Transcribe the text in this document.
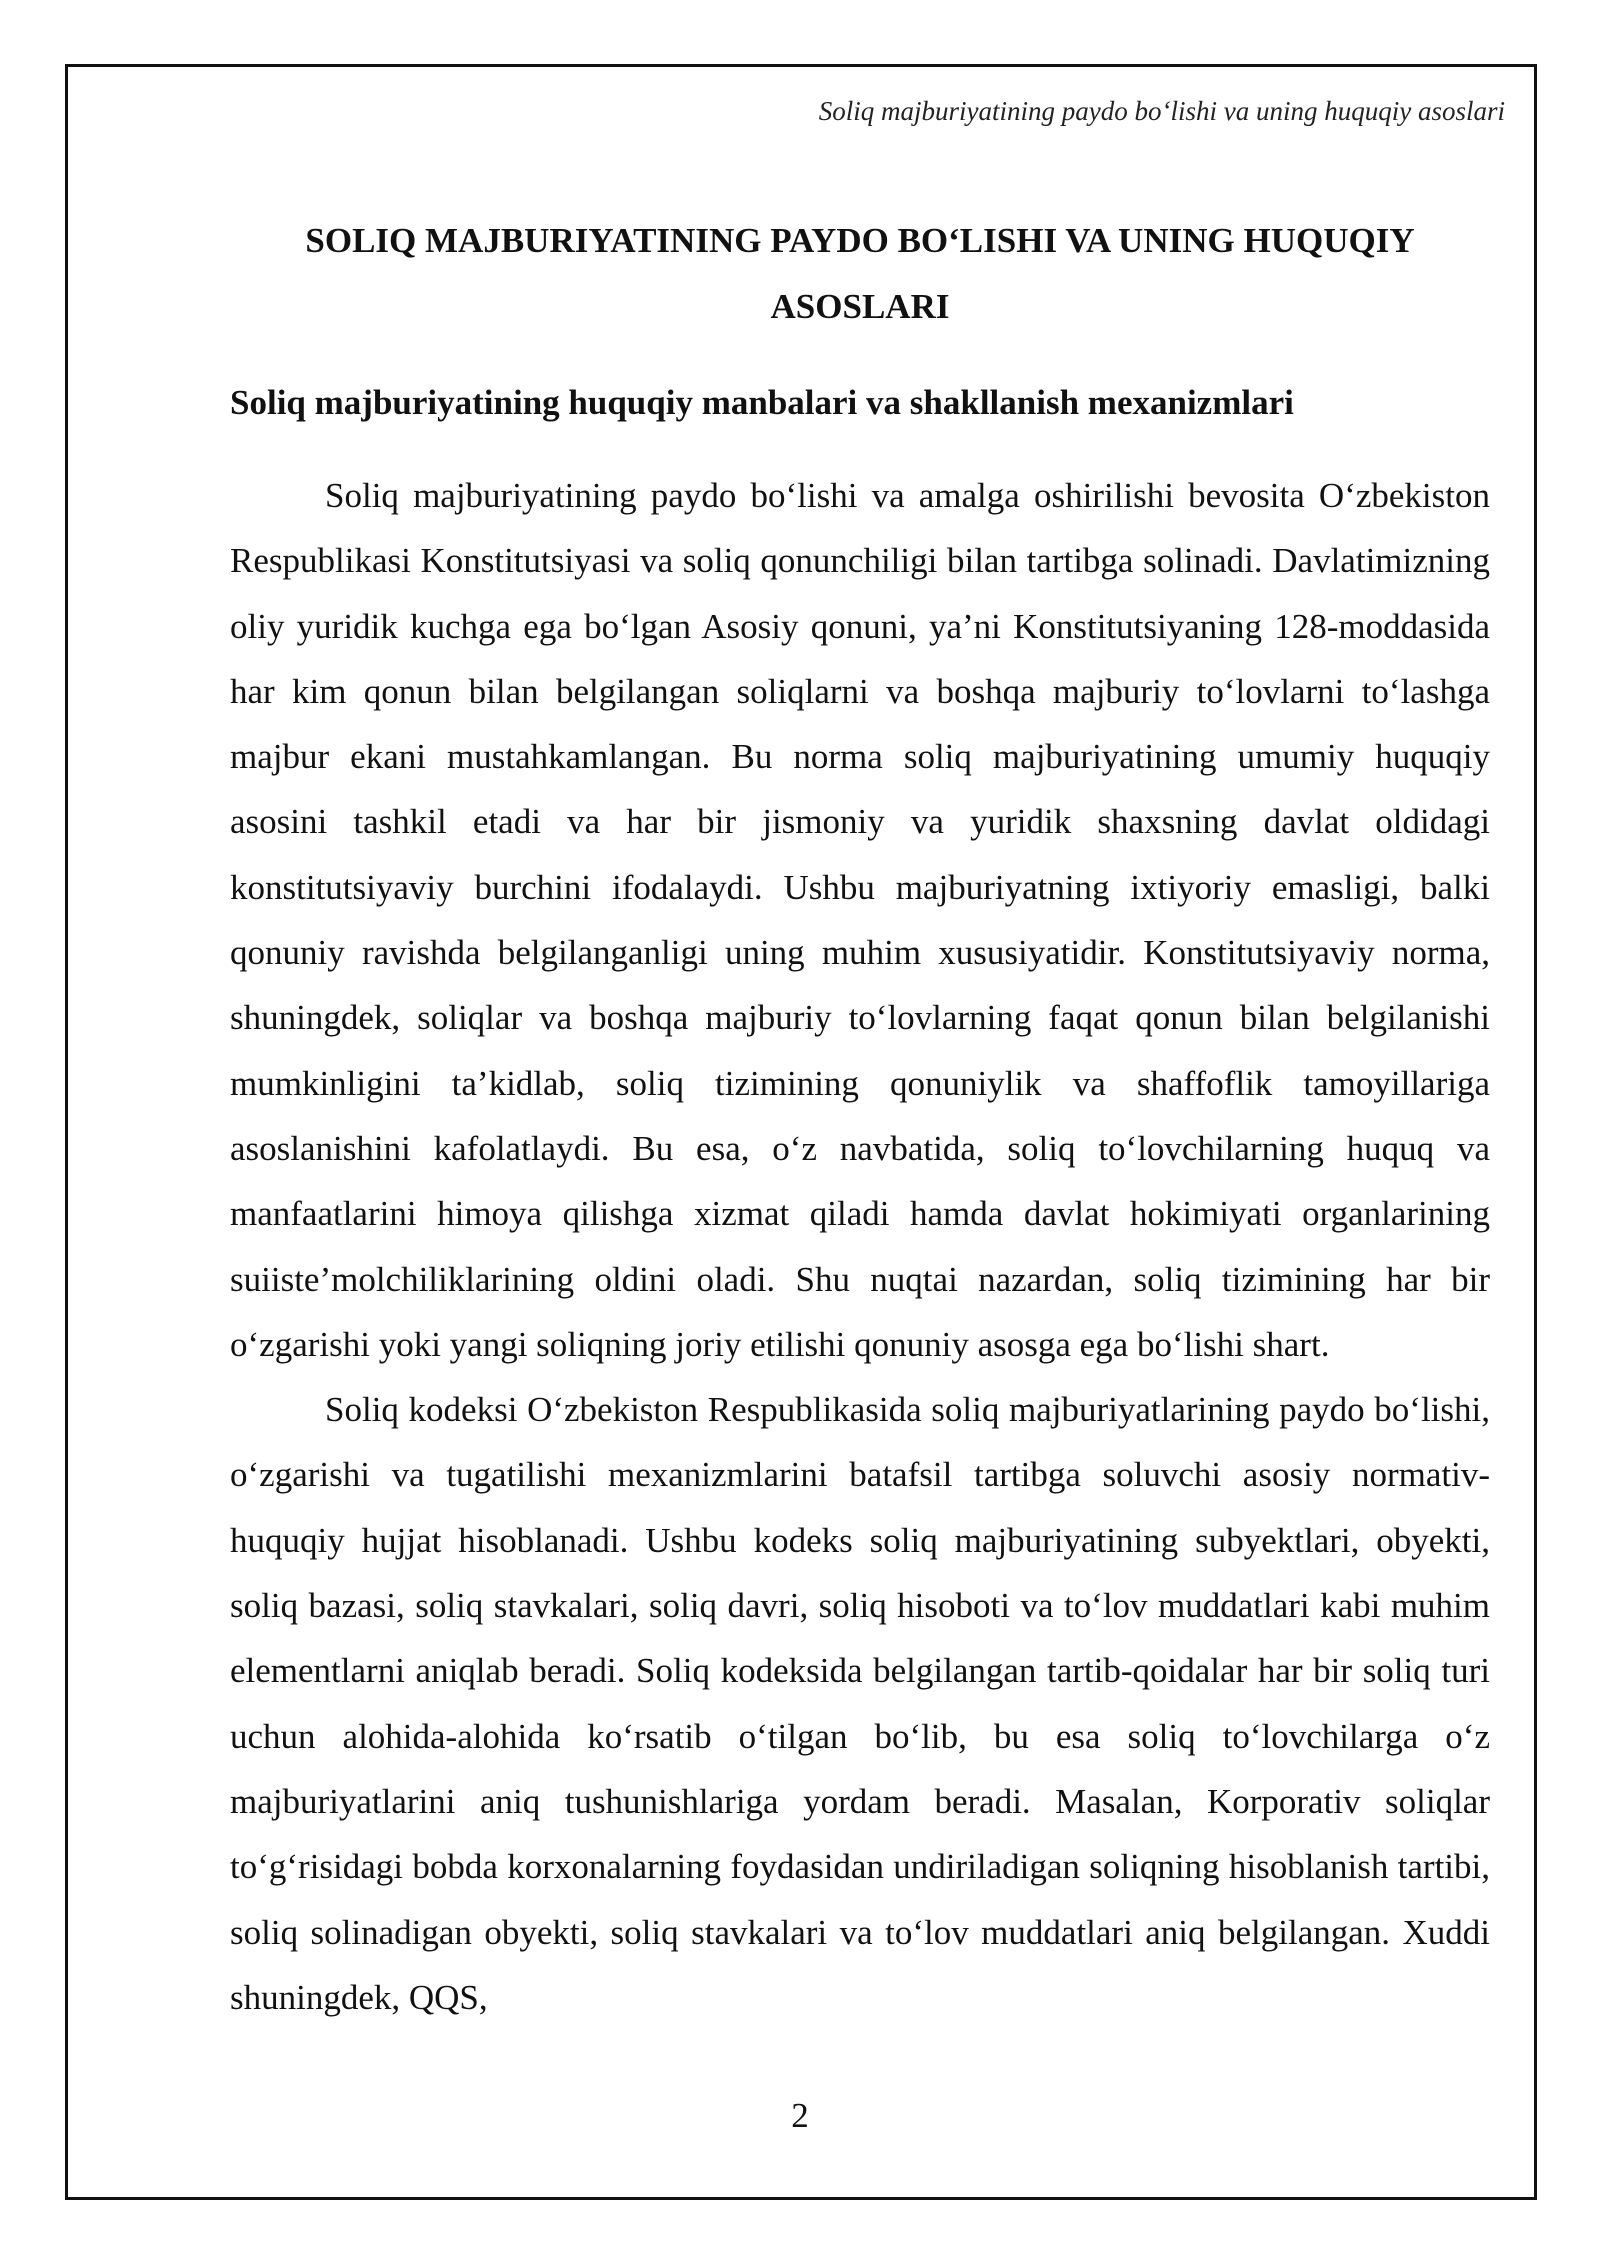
Soliq majburiyatining paydo bo‘lishi va uning huquqiy asoslari
SOLIQ MAJBURIYATINING PAYDO BO‘LISHI VA UNING HUQUQIY ASOSLARI
Soliq majburiyatining huquqiy manbalari va shakllanish mexanizmlari

Soliq majburiyatining paydo bo‘lishi va amalga oshirilishi bevosita O‘zbekiston Respublikasi Konstitutsiyasi va soliq qonunchiligi bilan tartibga solinadi. Davlatimizning oliy yuridik kuchga ega bo‘lgan Asosiy qonuni, ya’ni Konstitutsiyaning 128-moddasida har kim qonun bilan belgilangan soliqlarni va boshqa majburiy to‘lovlarni to‘lashga majbur ekani mustahkamlangan. Bu norma soliq majburiyatining umumiy huquqiy asosini tashkil etadi va har bir jismoniy va yuridik shaxsning davlat oldidagi konstitutsiyaviy burchini ifodalaydi. Ushbu majburiyatning ixtiyoriy emasligi, balki qonuniy ravishda belgilanganligi uning muhim xususiyatidir. Konstitutsiyaviy norma, shuningdek, soliqlar va boshqa majburiy to‘lovlarning faqat qonun bilan belgilanishi mumkinligini ta’kidlab, soliq tizimining qonuniylik va shaffoflik tamoyillariga asoslanishini kafolatlaydi. Bu esa, o‘z navbatida, soliq to‘lovchilarning huquq va manfaatlarini himoya qilishga xizmat qiladi hamda davlat hokimiyati organlarining suiiste’molchiliklarining oldini oladi. Shu nuqtai nazardan, soliq tizimining har bir o‘zgarishi yoki yangi soliqning joriy etilishi qonuniy asosga ega bo‘lishi shart.

Soliq kodeksi O‘zbekiston Respublikasida soliq majburiyatlarining paydo bo‘lishi, o‘zgarishi va tugatilishi mexanizmlarini batafsil tartibga soluvchi asosiy normativ-huquqiy hujjat hisoblanadi. Ushbu kodeks soliq majburiyatining subyektlari, obyekti, soliq bazasi, soliq stavkalari, soliq davri, soliq hisoboti va to‘lov muddatlari kabi muhim elementlarni aniqlab beradi. Soliq kodeksida belgilangan tartib-qoidalar har bir soliq turi uchun alohida-alohida ko‘rsatib o‘tilgan bo‘lib, bu esa soliq to‘lovchilarga o‘z majburiyatlarini aniq tushunishlariga yordam beradi. Masalan, Korporativ soliqlar to‘g‘risidagi bobda korxonalarning foydasidan undiriladigan soliqning hisoblanish tartibi, soliq solinadigan obyekti, soliq stavkalari va to‘lov muddatlari aniq belgilangan. Xuddi shuningdek, QQS,

2
